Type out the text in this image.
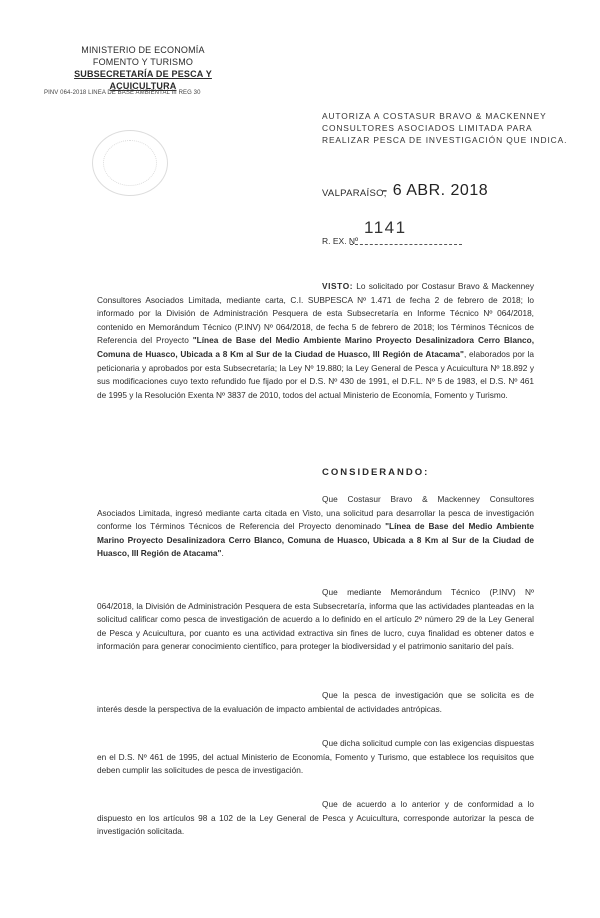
MINISTERIO DE ECONOMÍA
FOMENTO Y TURISMO
SUBSECRETARÍA DE PESCA Y ACUICULTURA
PINV 064-2018 LINEA DE BASE AMBIENTAL III REG 30
AUTORIZA A COSTASUR BRAVO & MACKENNEY
CONSULTORES ASOCIADOS LIMITADA PARA
REALIZAR PESCA DE INVESTIGACIÓN QUE INDICA.
VALPARAÍSO,
- 6 ABR. 2018
1141
R. EX. Nº
VISTO: Lo solicitado por Costasur Bravo & Mackenney Consultores Asociados Limitada, mediante carta, C.I. SUBPESCA Nº 1.471 de fecha 2 de febrero de 2018; lo informado por la División de Administración Pesquera de esta Subsecretaría en Informe Técnico Nº 064/2018, contenido en Memorándum Técnico (P.INV) Nº 064/2018, de fecha 5 de febrero de 2018; los Términos Técnicos de Referencia del Proyecto "Línea de Base del Medio Ambiente Marino Proyecto Desalinizadora Cerro Blanco, Comuna de Huasco, Ubicada a 8 Km al Sur de la Ciudad de Huasco, III Región de Atacama", elaborados por la peticionaria y aprobados por esta Subsecretaría; la Ley Nº 19.880; la Ley General de Pesca y Acuicultura Nº 18.892 y sus modificaciones cuyo texto refundido fue fijado por el D.S. Nº 430 de 1991, el D.F.L. Nº 5 de 1983, el D.S. Nº 461 de 1995 y la Resolución Exenta Nº 3837 de 2010, todos del actual Ministerio de Economía, Fomento y Turismo.
CONSIDERANDO:
Que Costasur Bravo & Mackenney Consultores Asociados Limitada, ingresó mediante carta citada en Visto, una solicitud para desarrollar la pesca de investigación conforme los Términos Técnicos de Referencia del Proyecto denominado "Línea de Base del Medio Ambiente Marino Proyecto Desalinizadora Cerro Blanco, Comuna de Huasco, Ubicada a 8 Km al Sur de la Ciudad de Huasco, III Región de Atacama".
Que mediante Memorándum Técnico (P.INV) Nº 064/2018, la División de Administración Pesquera de esta Subsecretaría, informa que las actividades planteadas en la solicitud calificar como pesca de investigación de acuerdo a lo definido en el artículo 2º número 29 de la Ley General de Pesca y Acuicultura, por cuanto es una actividad extractiva sin fines de lucro, cuya finalidad es obtener datos e información para generar conocimiento científico, para proteger la biodiversidad y el patrimonio sanitario del país.
Que la pesca de investigación que se solicita es de interés desde la perspectiva de la evaluación de impacto ambiental de actividades antrópicas.
Que dicha solicitud cumple con las exigencias dispuestas en el D.S. Nº 461 de 1995, del actual Ministerio de Economía, Fomento y Turismo, que establece los requisitos que deben cumplir las solicitudes de pesca de investigación.
Que de acuerdo a lo anterior y de conformidad a lo dispuesto en los artículos 98 a 102 de la Ley General de Pesca y Acuicultura, corresponde autorizar la pesca de investigación solicitada.
